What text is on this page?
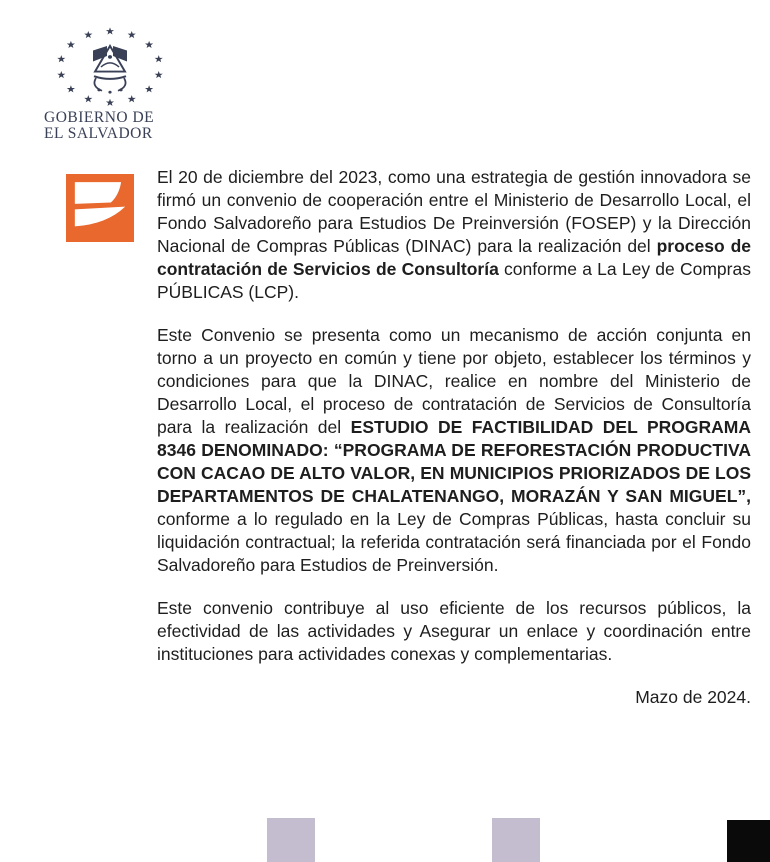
GOBIERNO DE
EL SALVADOR

El 20 de diciembre del 2023, como una estrategia de gestión innovadora se firmó un convenio de cooperación entre el Ministerio de Desarrollo Local, el Fondo Salvadoreño para Estudios De Preinversión (FOSEP) y la Dirección Nacional de Compras Públicas (DINAC) para la realización del proceso de contratación de Servicios de Consultoría conforme a La Ley de Compras PÚBLICAS (LCP).

Este Convenio se presenta como un mecanismo de acción conjunta en torno a un proyecto en común y tiene por objeto, establecer los términos y condiciones para que la DINAC, realice en nombre del Ministerio de Desarrollo Local, el proceso de contratación de Servicios de Consultoría para la realización del ESTUDIO DE FACTIBILIDAD DEL PROGRAMA 8346 DENOMINADO: “PROGRAMA DE REFORESTACIÓN PRODUCTIVA CON CACAO DE ALTO VALOR, EN MUNICIPIOS PRIORIZADOS DE LOS DEPARTAMENTOS DE CHALATENANGO, MORAZÁN Y SAN MIGUEL”, conforme a lo regulado en la Ley de Compras Públicas, hasta concluir su liquidación contractual; la referida contratación será financiada por el Fondo Salvadoreño para Estudios de Preinversión.

Este convenio contribuye al uso eficiente de los recursos públicos, la efectividad de las actividades y Asegurar un enlace y coordinación entre instituciones para actividades conexas y complementarias.

Mazo de 2024.
